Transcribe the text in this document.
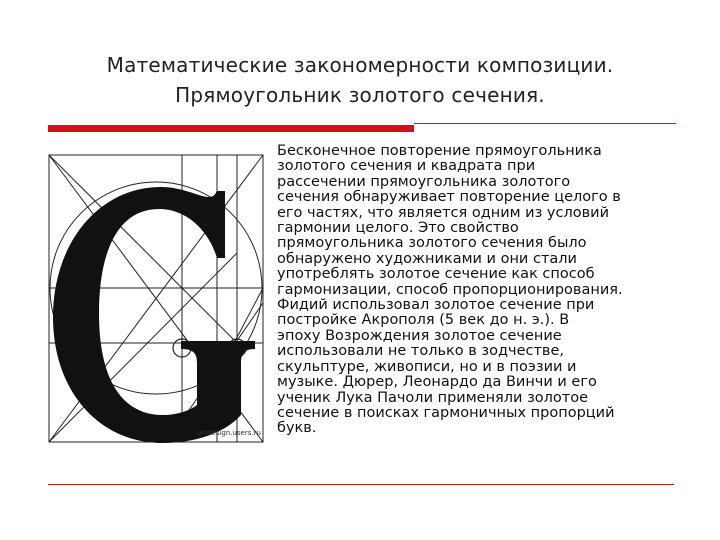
Математические закономерности композиции.
Прямоугольник золотого сечения.
artdesign.users.ru

Бесконечное повторение прямоугольника
золотого сечения и квадрата при
рассечении прямоугольника золотого
сечения обнаруживает повторение целого в
его частях, что является одним из условий
гармонии целого. Это свойство
прямоугольника золотого сечения было
обнаружено художниками и они стали
употреблять золотое сечение как способ
гармонизации, способ пропорционирования.
Фидий использовал золотое сечение при
постройке Акрополя (5 век до н. э.). В
эпоху Возрождения золотое сечение
использовали не только в зодчестве,
скульптуре, живописи, но и в поэзии и
музыке. Дюрер, Леонардо да Винчи и его
ученик Лука Пачоли применяли золотое
сечение в поисках гармоничных пропорций
букв.
